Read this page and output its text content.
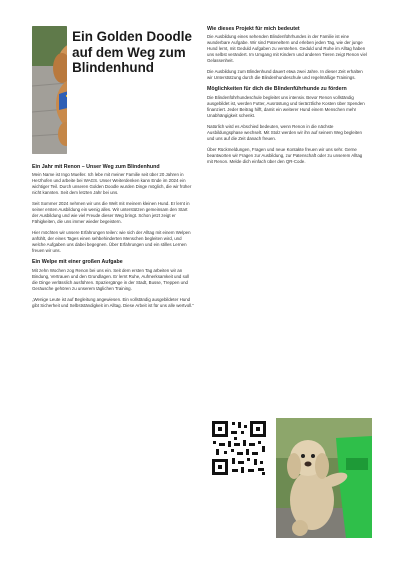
Ein Golden Doodle auf dem Weg zum Blindenhund

Ein Jahr mit Renon – Unser Weg zum Blindenhund

Mein Name ist Ingo Mueller. Ich lebe mit meiner Familie seit über 20 Jahren in Herzhofen und arbeite bei WAGS. Unser Weiterdenken kann Ende im 2024 ein wichtiger Teil. Durch unseren Golden Doodle wurden Dinge möglich, die wir früher nicht kannten. Seit dem letzten Jahr bei uns.

Seit Sommer 2024 nehmen wir uns die Welt mit meinem kleinen Hund. Er lernt in seiner ersten Ausbildung ein wenig alles. Wir unterstützen gemeinsam den Start der Ausbildung und wie viel Freude dieser Weg bringt. Schon jetzt zeigt er Fähigkeiten, die uns immer wieder begeistern.

Hier möchten wir unsere Erfahrungen teilen: wie sich der Alltag mit einem Welpen anfühlt, der eines Tages einen sehbehinderten Menschen begleiten wird, und welche Aufgaben uns dabei begegnen. Über Erfahrungen und ein stilles Lernen freuen wir uns.

Ein Welpe mit einer großen Aufgabe

Mit zehn Wochen zog Renon bei uns ein. Seit dem ersten Tag arbeiten wir an Bindung, Vertrauen und den Grundlagen. Er lernt Ruhe, Aufmerksamkeit und soll die Dinge verlässlich ausführen. Spaziergänge in der Stadt, Busse, Treppen und Geräusche gehören zu unserem täglichen Training.

„Wenige Leute ist auf Begleitung angewiesen. Ein vollständig ausgebildeter Hund gibt Sicherheit und Selbstständigkeit im Alltag. Diese Arbeit ist für uns alle wertvoll.“

Wie dieses Projekt für mich bedeutet

Die Ausbildung eines sehenden Blindenführhundes in der Familie ist eine wunderbare Aufgabe. Wir sind Pateneltern und erleben jeden Tag, wie der junge Hund lernt, mit Geduld Aufgaben zu verstehen. Geduld und Ruhe im Alltag haben uns selbst verändert. Im Umgang mit Kindern und anderen Tieren zeigt Renon viel Gelassenheit.

Die Ausbildung zum Blindenhund dauert etwa zwei Jahre. In dieser Zeit erhalten wir Unterstützung durch die Blindenhundeschule und regelmäßige Trainings.

Möglichkeiten für dich die Blindenführhunde zu fördern

Die Blindenführhundeschule begleitet uns intensiv. Bevor Renon vollständig ausgebildet ist, werden Futter, Ausrüstung und tierärztliche Kosten über Spenden finanziert. Jeder Beitrag hilft, damit ein weiterer Hund einem Menschen mehr Unabhängigkeit schenkt.

Natürlich wird es Abschied bedeuten, wenn Renon in die nächste Ausbildungsphase wechselt. Mit Stolz werden wir ihn auf seinem Weg begleiten und uns auf die Zeit danach freuen.

Über Rückmeldungen, Fragen und neue Kontakte freuen wir uns sehr. Gerne beantworten wir Fragen zur Ausbildung, zur Patenschaft oder zu unserem Alltag mit Renon. Melde dich einfach über den QR-Code.
